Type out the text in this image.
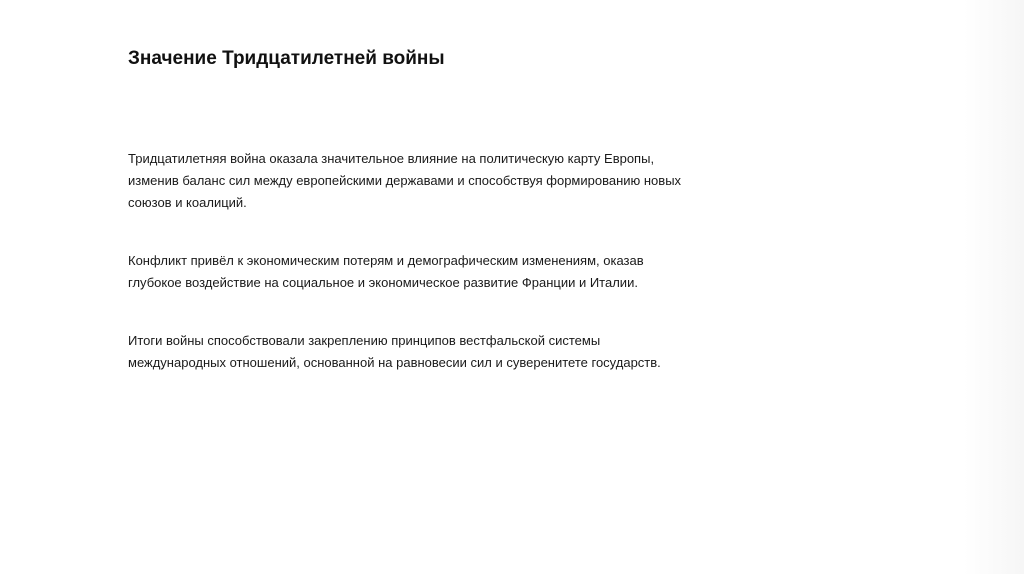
Значение Тридцатилетней войны

Тридцатилетняя война оказала значительное влияние на политическую карту Европы, изменив баланс сил между европейскими державами и способствуя формированию новых союзов и коалиций.

Конфликт привёл к экономическим потерям и демографическим изменениям, оказав глубокое воздействие на социальное и экономическое развитие Франции и Италии.

Итоги войны способствовали закреплению принципов вестфальской системы международных отношений, основанной на равновесии сил и суверенитете государств.
